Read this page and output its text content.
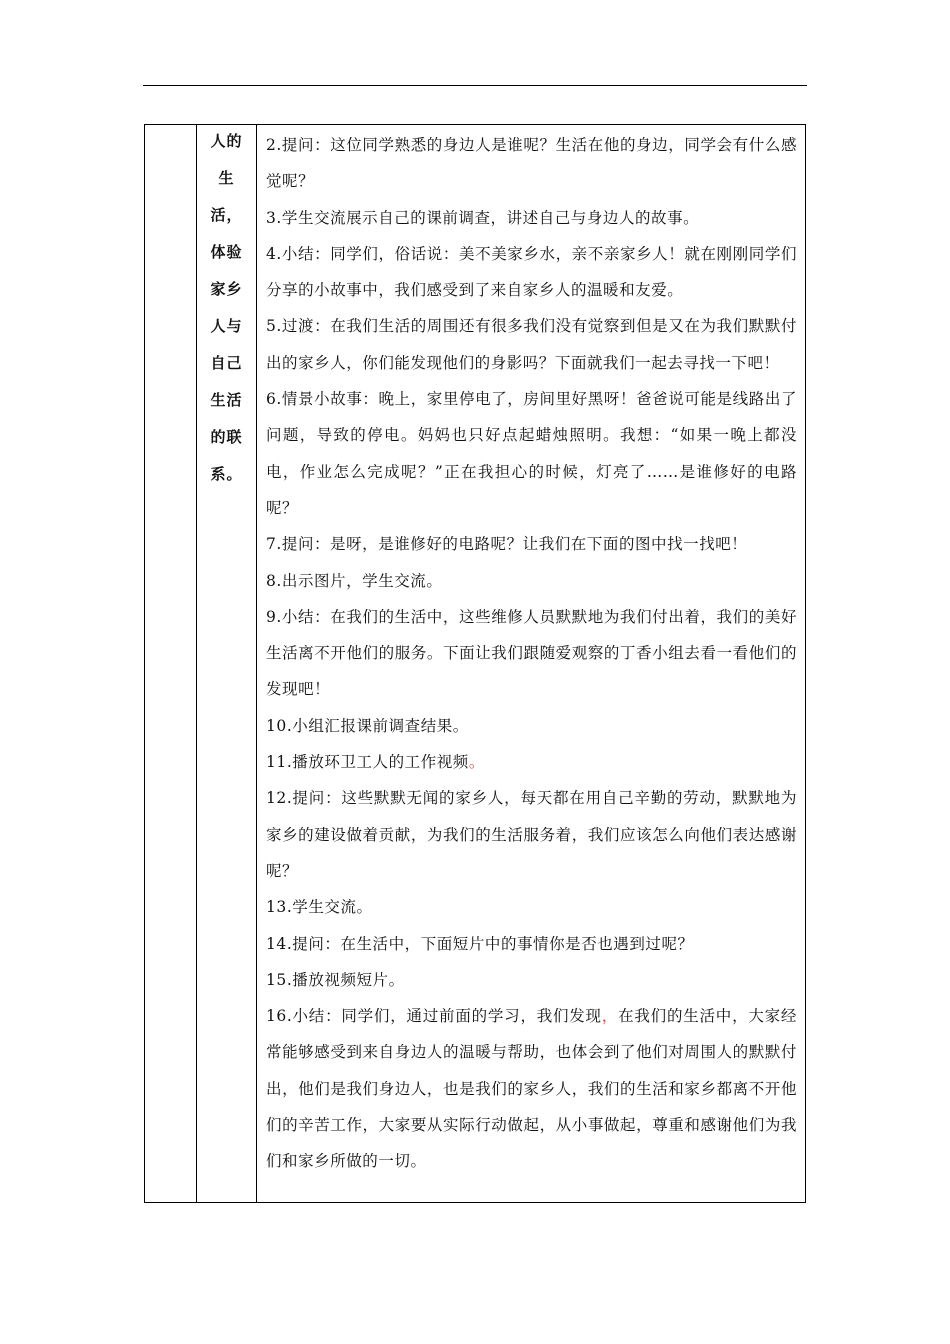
人的
生
活，
体验
家乡
人与
自己
生活
的联
系。
2.提问：这位同学熟悉的身边人是谁呢？生活在他的身边，同学会有什么感觉呢？
3.学生交流展示自己的课前调查，讲述自己与身边人的故事。
4.小结：同学们，俗话说：美不美家乡水，亲不亲家乡人！就在刚刚同学们分享的小故事中，我们感受到了来自家乡人的温暖和友爱。
5.过渡：在我们生活的周围还有很多我们没有觉察到但是又在为我们默默付出的家乡人，你们能发现他们的身影吗？下面就我们一起去寻找一下吧！
6.情景小故事：晚上，家里停电了，房间里好黑呀！爸爸说可能是线路出了问题，导致的停电。妈妈也只好点起蜡烛照明。我想：“如果一晚上都没电，作业怎么完成呢？”正在我担心的时候，灯亮了……是谁修好的电路呢？
7.提问：是呀，是谁修好的电路呢？让我们在下面的图中找一找吧！
8.出示图片，学生交流。
9.小结：在我们的生活中，这些维修人员默默地为我们付出着，我们的美好生活离不开他们的服务。下面让我们跟随爱观察的丁香小组去看一看他们的发现吧！
10.小组汇报课前调查结果。
11.播放环卫工人的工作视频。
12.提问：这些默默无闻的家乡人，每天都在用自己辛勤的劳动，默默地为家乡的建设做着贡献，为我们的生活服务着，我们应该怎么向他们表达感谢呢？
13.学生交流。
14.提问：在生活中，下面短片中的事情你是否也遇到过呢？
15.播放视频短片。
16.小结：同学们，通过前面的学习，我们发现，在我们的生活中，大家经常能够感受到来自身边人的温暖与帮助，也体会到了他们对周围人的默默付出，他们是我们身边人，也是我们的家乡人，我们的生活和家乡都离不开他们的辛苦工作，大家要从实际行动做起，从小事做起，尊重和感谢他们为我们和家乡所做的一切。
